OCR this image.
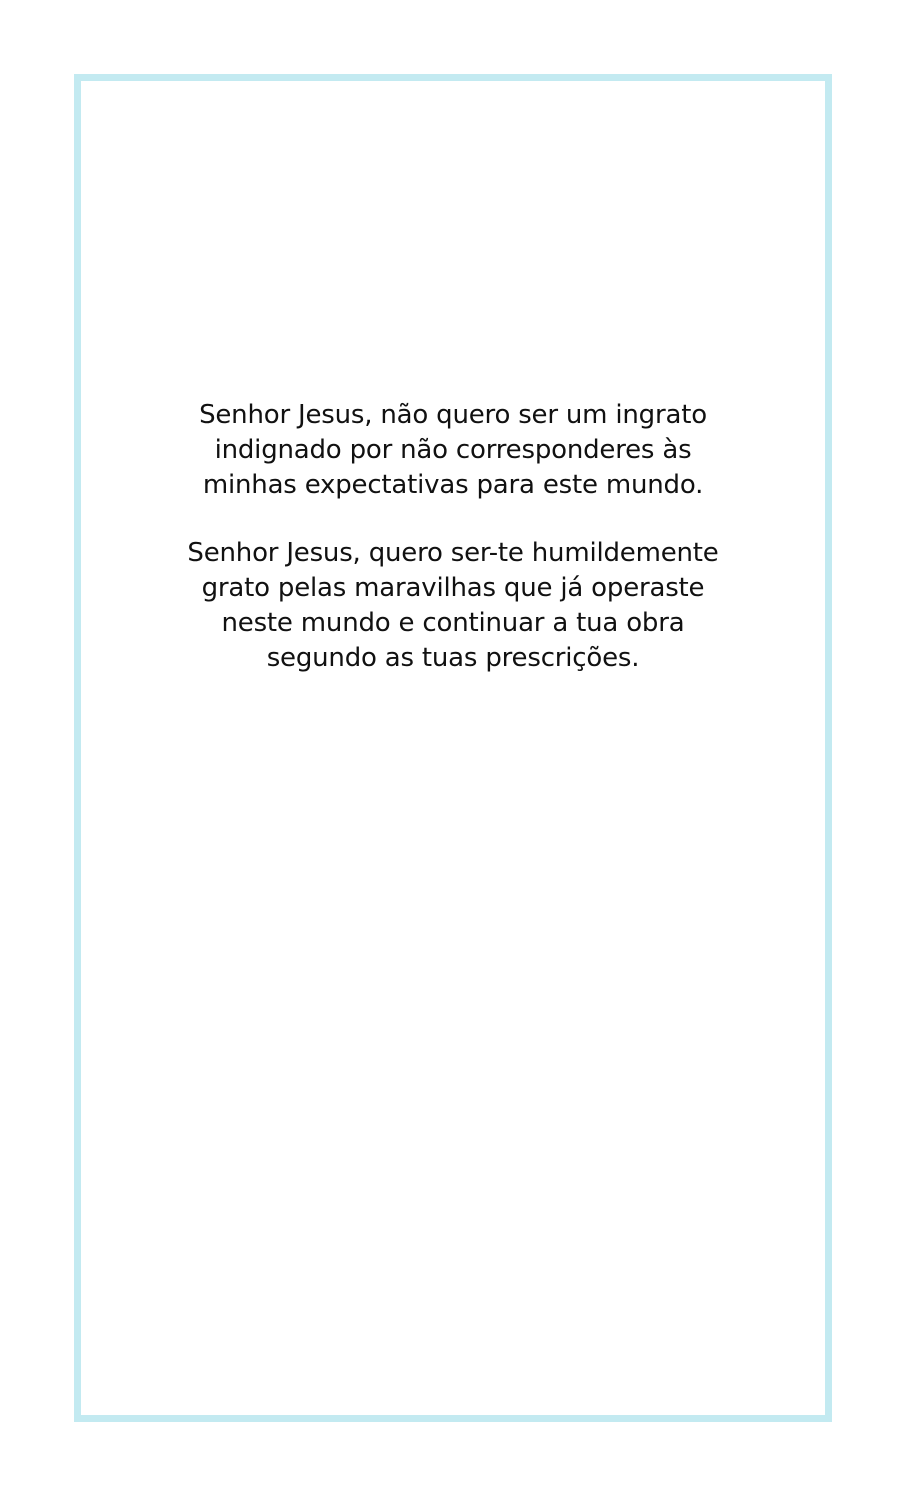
Senhor Jesus, não quero ser um ingrato
indignado por não corresponderes às
minhas expectativas para este mundo.

Senhor Jesus, quero ser-te humildemente
grato pelas maravilhas que já operaste
neste mundo e continuar a tua obra
segundo as tuas prescrições.
